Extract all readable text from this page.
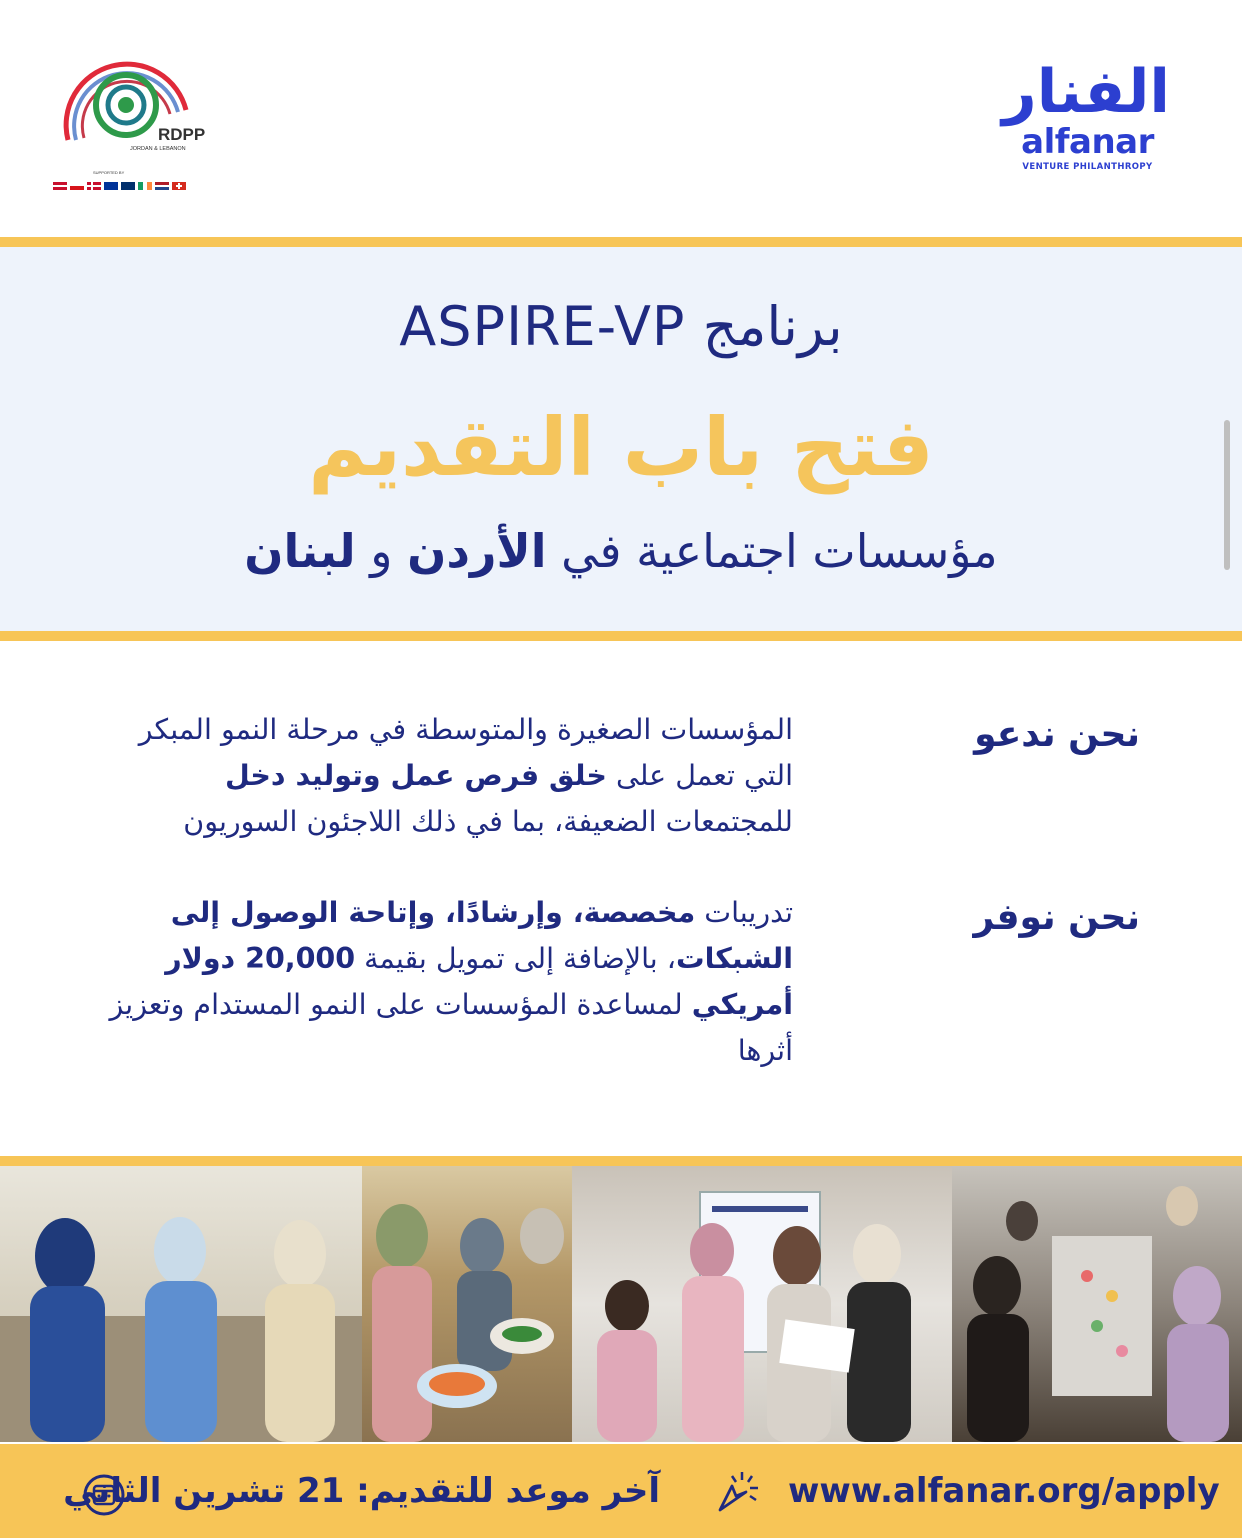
RDPP
JORDAN & LEBANON
SUPPORTED BY
الفنار
alfanar
VENTURE PHILANTHROPY
برنامج ASPIRE-VP
فتح باب التقديم
مؤسسات اجتماعية في الأردن و لبنان
نحن ندعو
المؤسسات الصغيرة والمتوسطة في مرحلة النمو المبكر التي تعمل على خلق فرص عمل وتوليد دخل للمجتمعات الضعيفة، بما في ذلك اللاجئون السوريون
نحن نوفر
تدريبات مخصصة، وإرشادًا، وإتاحة الوصول إلى الشبكات، بالإضافة إلى تمويل بقيمة 20,000 دولار أمريكي لمساعدة المؤسسات على النمو المستدام وتعزيز أثرها
آخر موعد للتقديم: 21 تشرين الثاني	www.alfanar.org/apply
